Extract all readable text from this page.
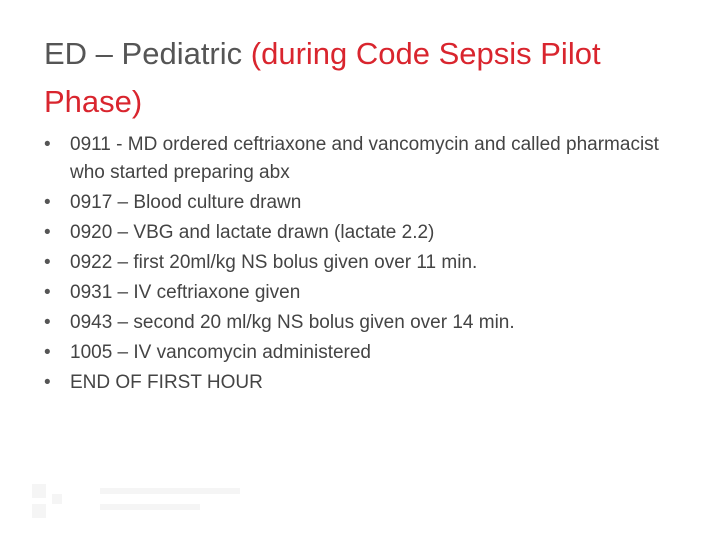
ED – Pediatric (during Code Sepsis Pilot Phase)
•	0911 - MD ordered ceftriaxone and vancomycin and called pharmacist who started preparing abx
•	0917 – Blood culture drawn
•	0920 – VBG and lactate drawn (lactate 2.2)
•	0922 – first 20ml/kg NS bolus given over 11 min.
•	0931 – IV ceftriaxone given
•	0943 – second 20 ml/kg NS bolus given over 14 min.
•	1005 – IV vancomycin administered
•	END OF FIRST HOUR
